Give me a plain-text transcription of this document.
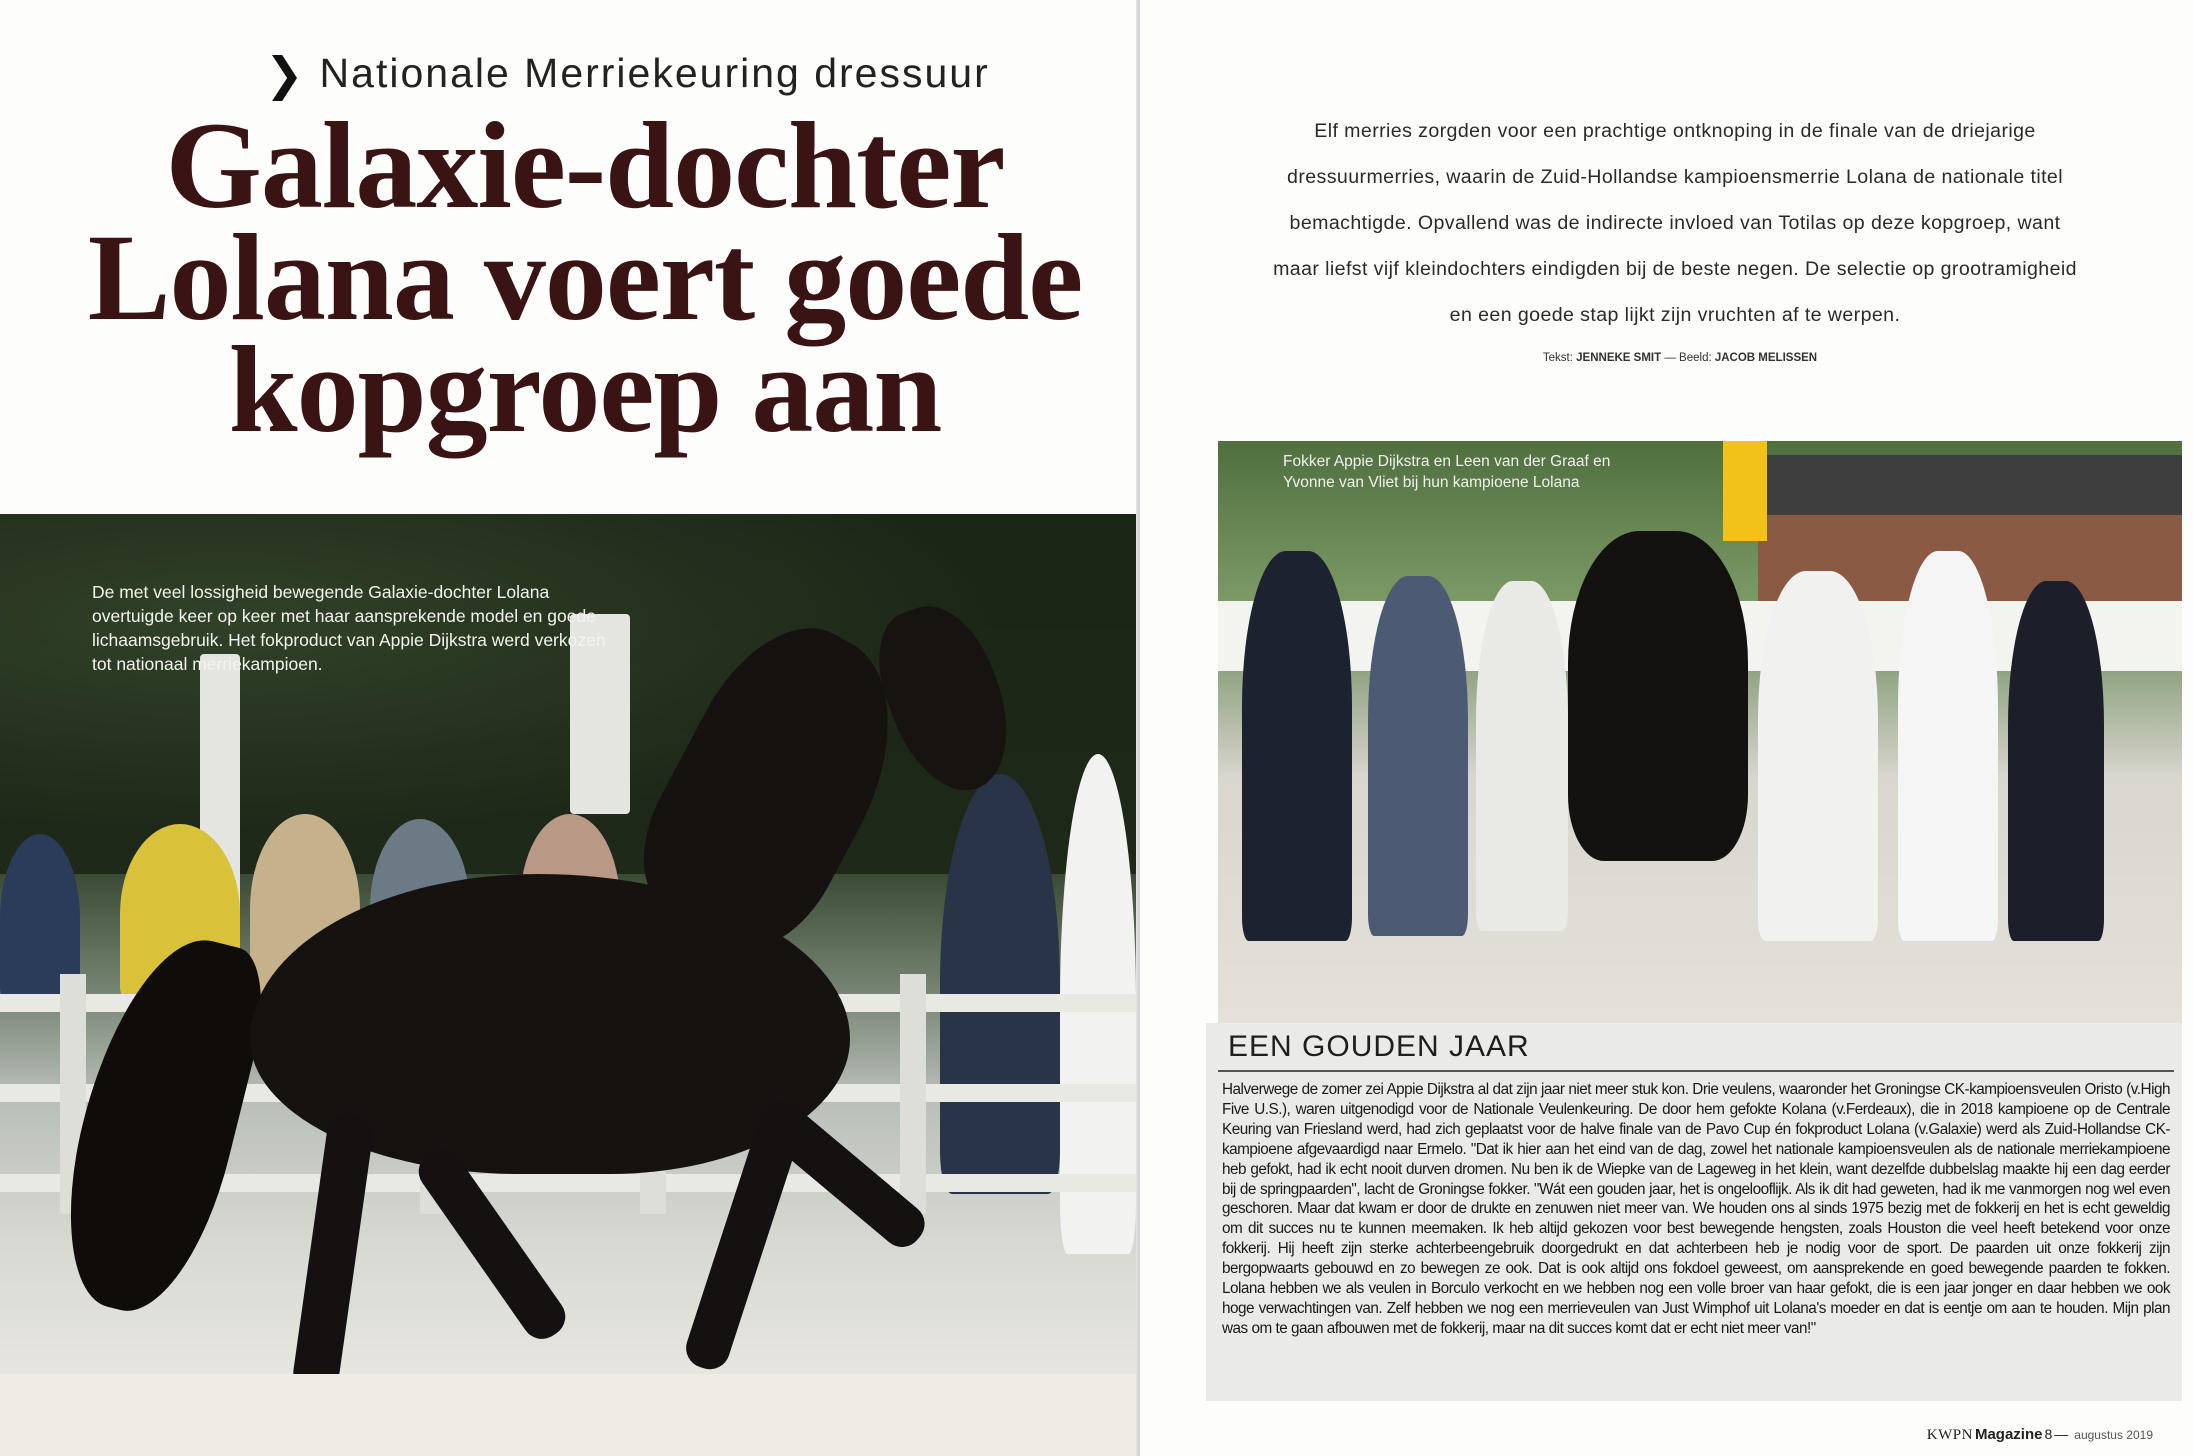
❯ Nationale Merriekeuring dressuur
Galaxie-dochter
Lolana voert goede
kopgroep aan
De met veel lossigheid bewegende Galaxie-dochter Lolana overtuigde keer op keer met haar aansprekende model en goede lichaamsgebruik. Het fokproduct van Appie Dijkstra werd verkozen tot nationaal merriekampioen.
Elf merries zorgden voor een prachtige ontknoping in de finale van de driejarige dressuurmerries, waarin de Zuid-Hollandse kampioensmerrie Lolana de nationale titel bemachtigde. Opvallend was de indirecte invloed van Totilas op deze kopgroep, want maar liefst vijf kleindochters eindigden bij de beste negen. De selectie op grootramigheid en een goede stap lijkt zijn vruchten af te werpen.
Tekst: JENNEKE SMIT — Beeld: JACOB MELISSEN
Fokker Appie Dijkstra en Leen van der Graaf en Yvonne van Vliet bij hun kampioene Lolana
EEN GOUDEN JAAR
Halverwege de zomer zei Appie Dijkstra al dat zijn jaar niet meer stuk kon. Drie veulens, waaronder het Groningse CK-kampioensveulen Oristo (v.High Five U.S.), waren uitgenodigd voor de Nationale Veulenkeuring. De door hem gefokte Kolana (v.Ferdeaux), die in 2018 kampioene op de Centrale Keuring van Friesland werd, had zich geplaatst voor de halve finale van de Pavo Cup én fokproduct Lolana (v.Galaxie) werd als Zuid-Hollandse CK-kampioene afgevaardigd naar Ermelo. "Dat ik hier aan het eind van de dag, zowel het nationale kampioensveulen als de nationale merriekampioene heb gefokt, had ik echt nooit durven dromen. Nu ben ik de Wiepke van de Lageweg in het klein, want dezelfde dubbelslag maakte hij een dag eerder bij de springpaarden", lacht de Groningse fokker. "Wát een gouden jaar, het is ongelooflijk. Als ik dit had geweten, had ik me vanmorgen nog wel even geschoren. Maar dat kwam er door de drukte en zenuwen niet meer van. We houden ons al sinds 1975 bezig met de fokkerij en het is echt geweldig om dit succes nu te kunnen meemaken. Ik heb altijd gekozen voor best bewegende hengsten, zoals Houston die veel heeft betekend voor onze fokkerij. Hij heeft zijn sterke achterbeengebruik doorgedrukt en dat achterbeen heb je nodig voor de sport. De paarden uit onze fokkerij zijn bergopwaarts gebouwd en zo bewegen ze ook. Dat is ook altijd ons fokdoel geweest, om aansprekende en goed bewegende paarden te fokken. Lolana hebben we als veulen in Borculo verkocht en we hebben nog een volle broer van haar gefokt, die is een jaar jonger en daar hebben we ook hoge verwachtingen van. Zelf hebben we nog een merrieveulen van Just Wimphof uit Lolana's moeder en dat is eentje om aan te houden. Mijn plan was om te gaan afbouwen met de fokkerij, maar na dit succes komt dat er echt niet meer van!"
KWPN Magazine 8 — augustus 2019
